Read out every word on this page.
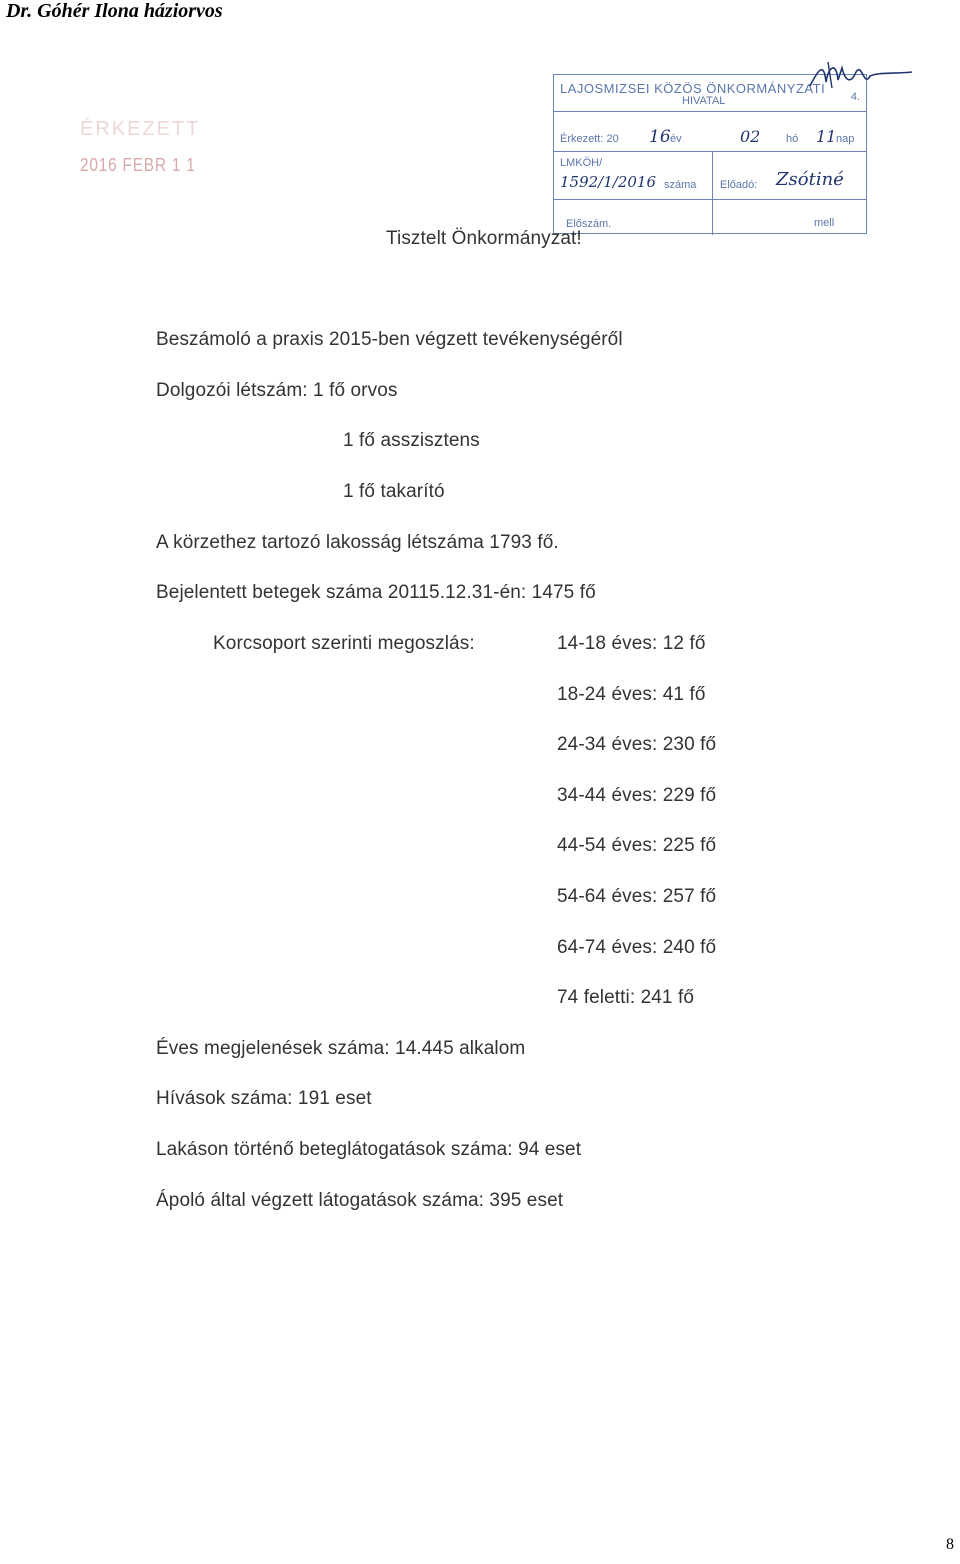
Dr. Góhér Ilona háziorvos
ÉRKEZETT
2016 FEBR 1 1
LAJOSMIZSEI KÖZÖS ÖNKORMÁNYZATI
HIVATAL	4.
Érkezett: 20 16 év	02 hó 11 nap
LMKÖH/
1592/1/2016 száma Előadó: Zsótiné
Előszám.	mell
Tisztelt Önkormányzat!
Beszámoló a praxis 2015-ben végzett tevékenységéről
Dolgozói létszám: 1 fő orvos
1 fő asszisztens
1 fő takarító
A körzethez tartozó lakosság létszáma 1793 fő.
Bejelentett betegek száma 20115.12.31-én: 1475 fő
Korcsoport szerinti megoszlás:	14-18 éves: 12 fő
18-24 éves: 41 fő
24-34 éves: 230 fő
34-44 éves: 229 fő
44-54 éves: 225 fő
54-64 éves: 257 fő
64-74 éves: 240 fő
74 feletti: 241 fő
Éves megjelenések száma: 14.445 alkalom
Hívások száma: 191 eset
Lakáson történő beteglátogatások száma: 94 eset
Ápoló által végzett látogatások száma: 395 eset
8
